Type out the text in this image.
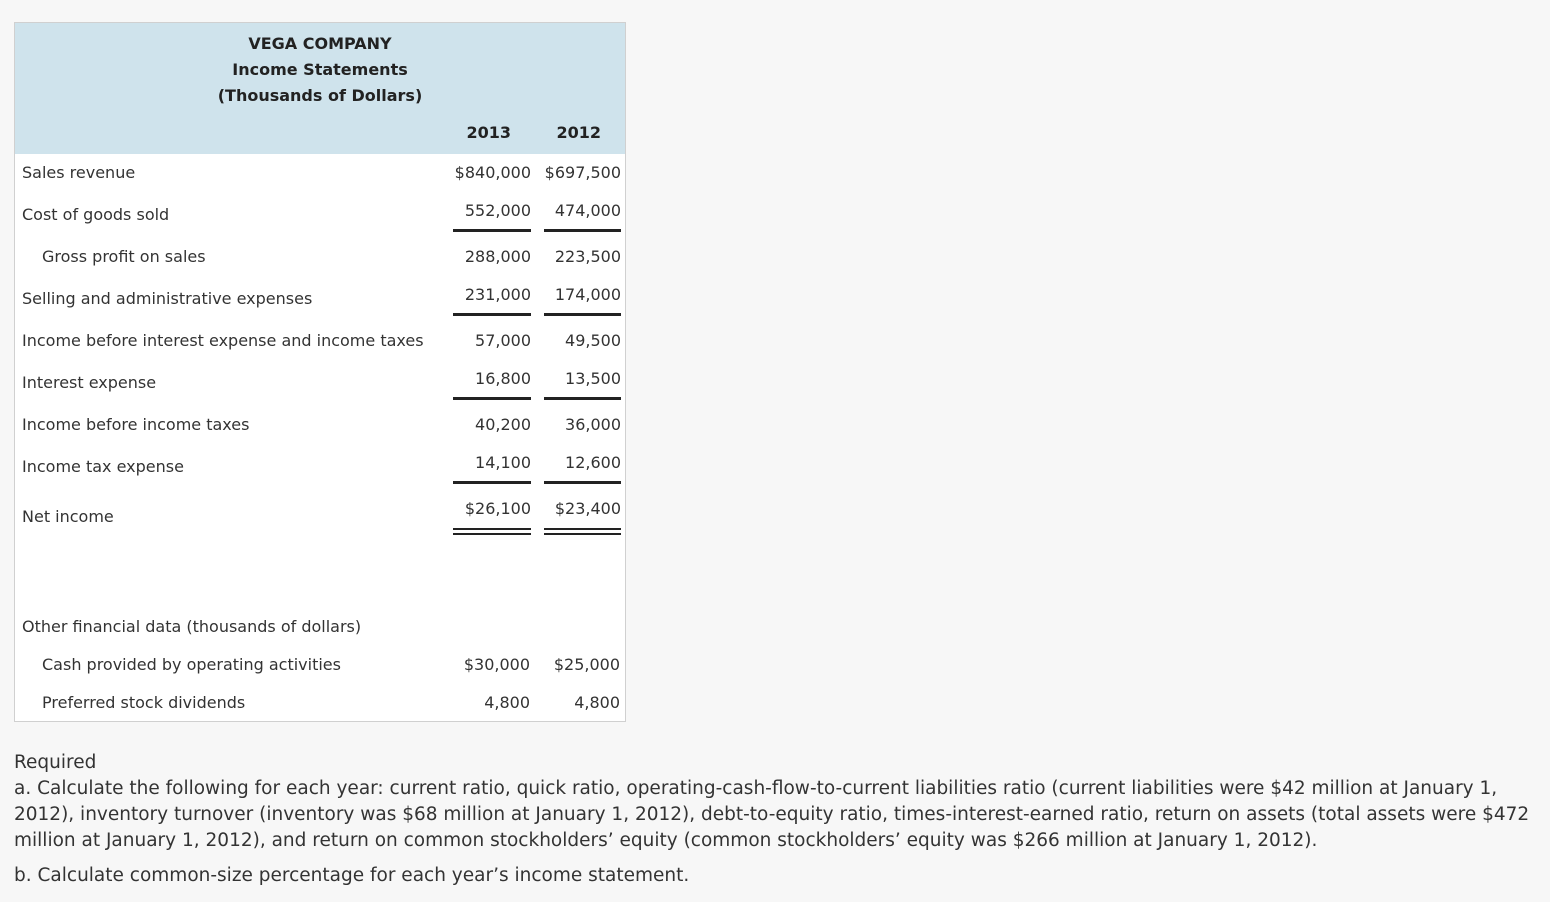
VEGA COMPANY
Income Statements
(Thousands of Dollars)
2013	2012
Sales revenue	$840,000 $697,500
Cost of goods sold	552,000	474,000
Gross profit on sales	288,000	223,500
Selling and administrative expenses	231,000	174,000
Income before interest expense and income taxes	57,000	49,500
Interest expense	16,800	13,500
Income before income taxes	40,200	36,000
Income tax expense	14,100	12,600
Net income	$26,100	$23,400
Other financial data (thousands of dollars)
Cash provided by operating activities	$30,000	$25,000
Preferred stock dividends	4,800	4,800

Required

a. Calculate the following for each year: current ratio, quick ratio, operating-cash-flow-to-current liabilities ratio (current liabilities were $42 million at January 1, 2012), inventory turnover (inventory was $68 million at January 1, 2012), debt-to-equity ratio, times-interest-earned ratio, return on assets (total assets were $472 million at January 1, 2012), and return on common stockholders’ equity (common stockholders’ equity was $266 million at January 1, 2012).

b. Calculate common-size percentage for each year’s income statement.
